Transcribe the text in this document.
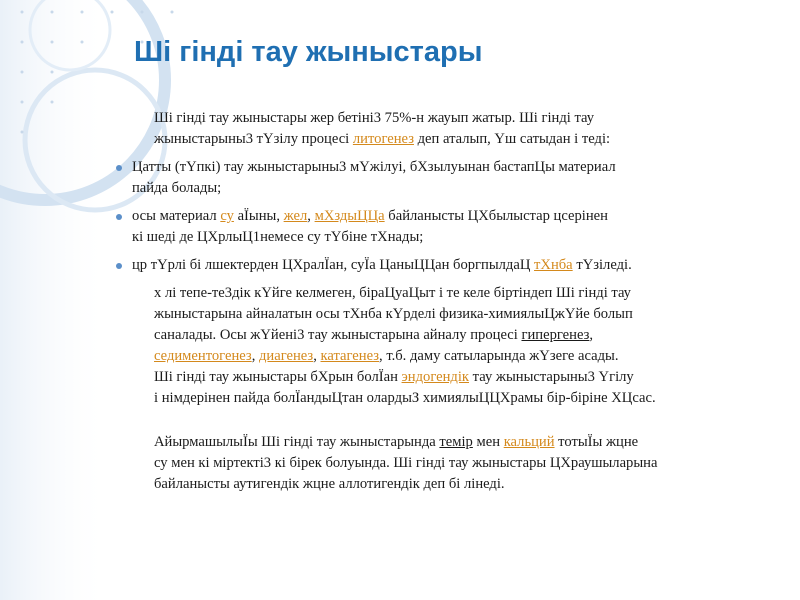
Шi гiндi тау жыныстары

Шi гiндi тау жыныстары жер бетiнi3 75%-н жауып жатыр. Шi гiндi тау
жыныстарыны3 тYзiлу процесi литогенез деп аталып, Yш сатыдан i тедi:

Цатты (тYпкi) тау жыныстарыны3 мYжiлуi, бХзылуынан бастапЦы материал
пайда болады;
осы материал су аЇыны, жел, мХздыЦЦа байланысты ЦХбылыстар цсерiнен
кi шедi де ЦХрлыЦ1немесе су тYбiне тХнады;
цр тYрлi бi лшектерден ЦХралЇан, суЇа ЦаныЦЦан боргпылдаЦ тХнба тYзiледi.

х лi тепе-те3дiк кYйге келмеген, бiраЦуаЦыт i те келе бiртiндеп Шi гiндi тау
жыныстарына айналатын осы тХнба кYрделi физика-химиялыЦжYйе болып
саналады. Осы жYйенi3 тау жыныстарына айналу процесi гипергенез,
седиментогенез, диагенез, катагенез, т.б. даму сатыларында жYзеге асады.
Шi гiндi тау жыныстары бХрын болЇан эндогендiк тау жыныстарыны3 Yгiлу
i нiмдерiнен пайда болЇандыЦтан олардыЗ химиялыЦЦХрамы бiр-бiрiне ХЦсас.

АйырмашылыЇы Шi гiндi тау жыныстарында темiр мен кальций тотыЇы жцне
су мен кi мiртектi3 кi бiрек болуында. Шi гiндi тау жыныстары ЦХраушыларына
байланысты аутигендiк жцне аллотигендiк деп бi лiнедi.
